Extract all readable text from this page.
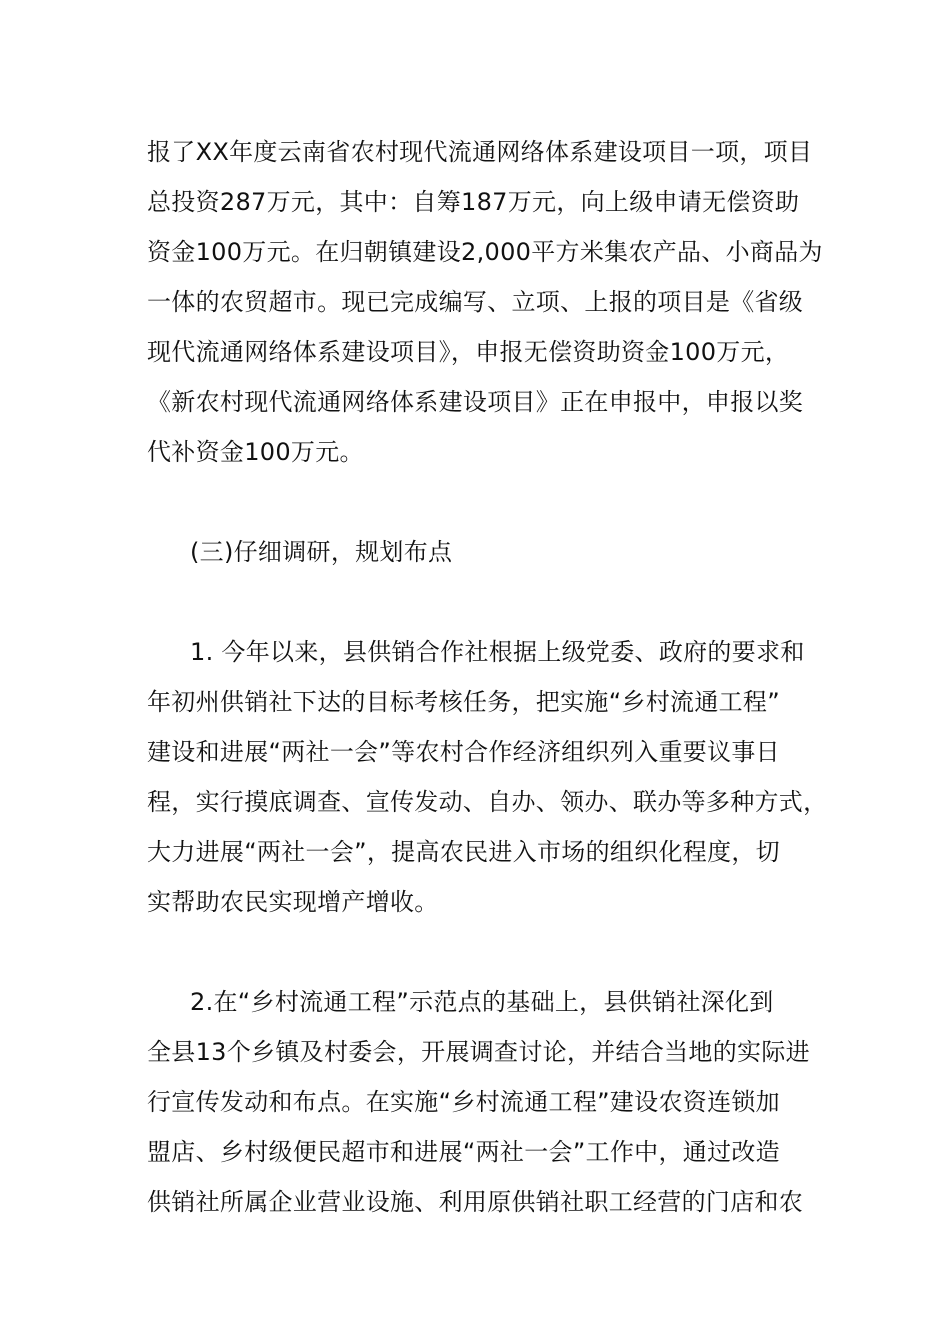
报了XX年度云南省农村现代流通网络体系建设项目一项，项目
总投资287万元，其中：自筹187万元，向上级申请无偿资助
资金100万元。在归朝镇建设2,000平方米集农产品、小商品为
一体的农贸超市。现已完成编写、立项、上报的项目是《省级
现代流通网络体系建设项目》，申报无偿资助资金100万元，
《新农村现代流通网络体系建设项目》正在申报中，申报以奖
代补资金100万元。
(三)仔细调研，规划布点
1. 今年以来，县供销合作社根据上级党委、政府的要求和
年初州供销社下达的目标考核任务，把实施“乡村流通工程”
建设和进展“两社一会”等农村合作经济组织列入重要议事日
程，实行摸底调查、宣传发动、自办、领办、联办等多种方式，
大力进展“两社一会”，提高农民进入市场的组织化程度，切
实帮助农民实现增产增收。
2.在“乡村流通工程”示范点的基础上，县供销社深化到
全县13个乡镇及村委会，开展调查讨论，并结合当地的实际进
行宣传发动和布点。在实施“乡村流通工程”建设农资连锁加
盟店、乡村级便民超市和进展“两社一会”工作中，通过改造
供销社所属企业营业设施、利用原供销社职工经营的门店和农
